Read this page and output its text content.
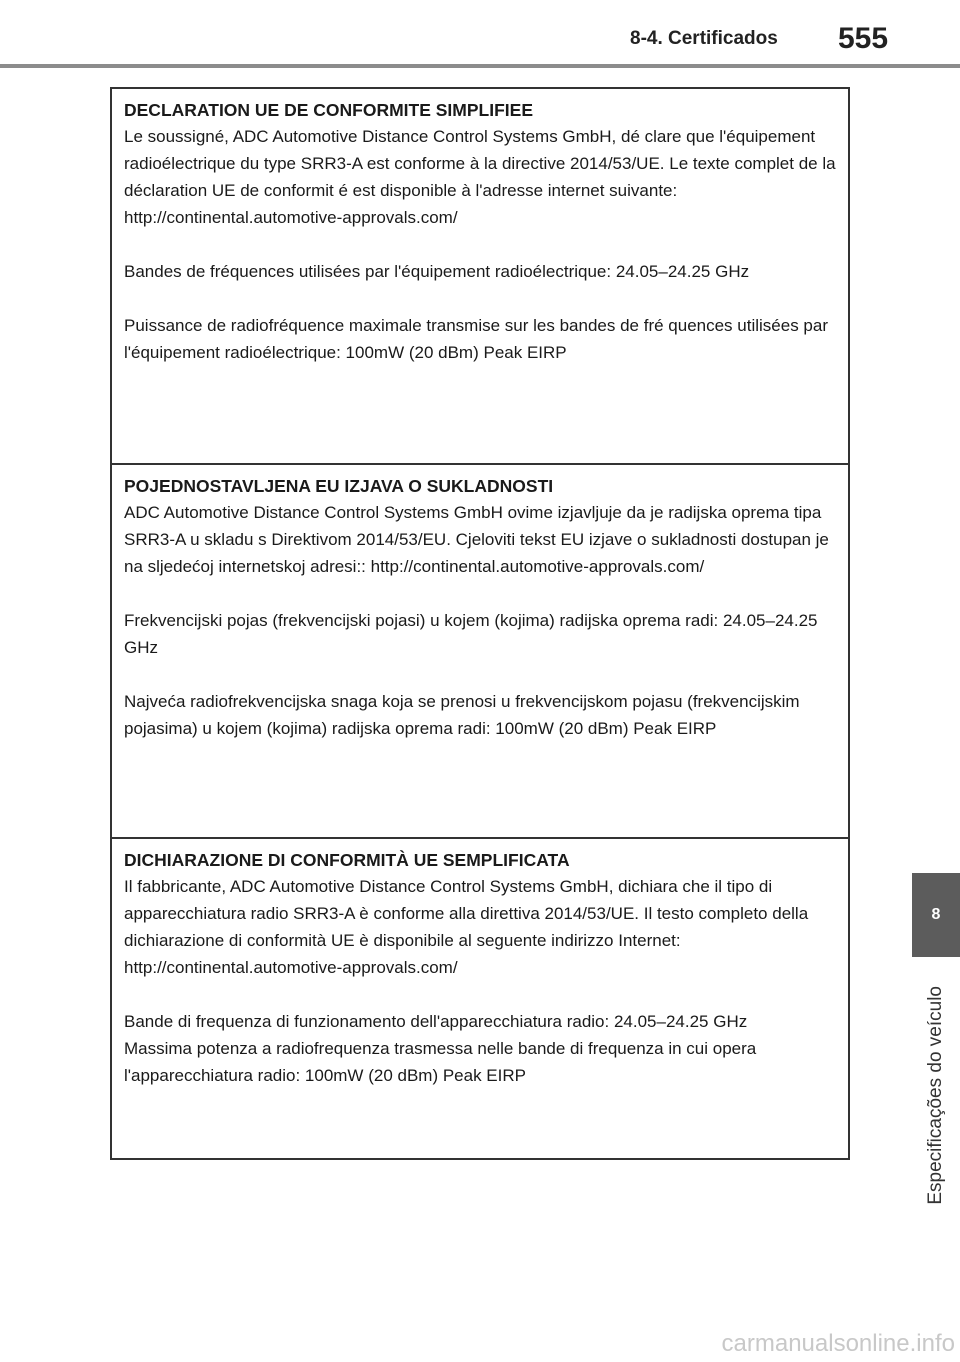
8-4. Certificados	555
8
Especificações do veículo
DECLARATION UE DE CONFORMITE SIMPLIFIEE
Le soussigné, ADC Automotive Distance Control Systems GmbH, dé clare que l'équipement radioélectrique du type SRR3-A est conforme à la directive 2014/53/UE. Le texte complet de la déclaration UE de conformit é est disponible à l'adresse internet suivante: http://continental.automotive-approvals.com/
Bandes de fréquences utilisées par l'équipement radioélectrique: 24.05–24.25 GHz
Puissance de radiofréquence maximale transmise sur les bandes de fré quences utilisées par l'équipement radioélectrique: 100mW (20 dBm) Peak EIRP
POJEDNOSTAVLJENA EU IZJAVA O SUKLADNOSTI
ADC Automotive Distance Control Systems GmbH ovime izjavljuje da je radijska oprema tipa SRR3-A u skladu s Direktivom 2014/53/EU. Cjeloviti tekst EU izjave o sukladnosti dostupan je na sljedećoj internetskoj adresi:: http://continental.automotive-approvals.com/
Frekvencijski pojas (frekvencijski pojasi) u kojem (kojima) radijska oprema radi: 24.05–24.25 GHz
Najveća radiofrekvencijska snaga koja se prenosi u frekvencijskom pojasu (frekvencijskim pojasima) u kojem (kojima) radijska oprema radi: 100mW (20 dBm) Peak EIRP
DICHIARAZIONE DI CONFORMITÀ UE SEMPLIFICATA
Il fabbricante, ADC Automotive Distance Control Systems GmbH, dichiara che il tipo di apparecchiatura radio SRR3-A è conforme alla direttiva 2014/53/UE. Il testo completo della dichiarazione di conformità UE è disponibile al seguente indirizzo Internet: http://continental.automotive-approvals.com/
Bande di frequenza di funzionamento dell'apparecchiatura radio: 24.05–24.25 GHz
Massima potenza a radiofrequenza trasmessa nelle bande di frequenza in cui opera l'apparecchiatura radio: 100mW (20 dBm) Peak EIRP
carmanualsonline.info
